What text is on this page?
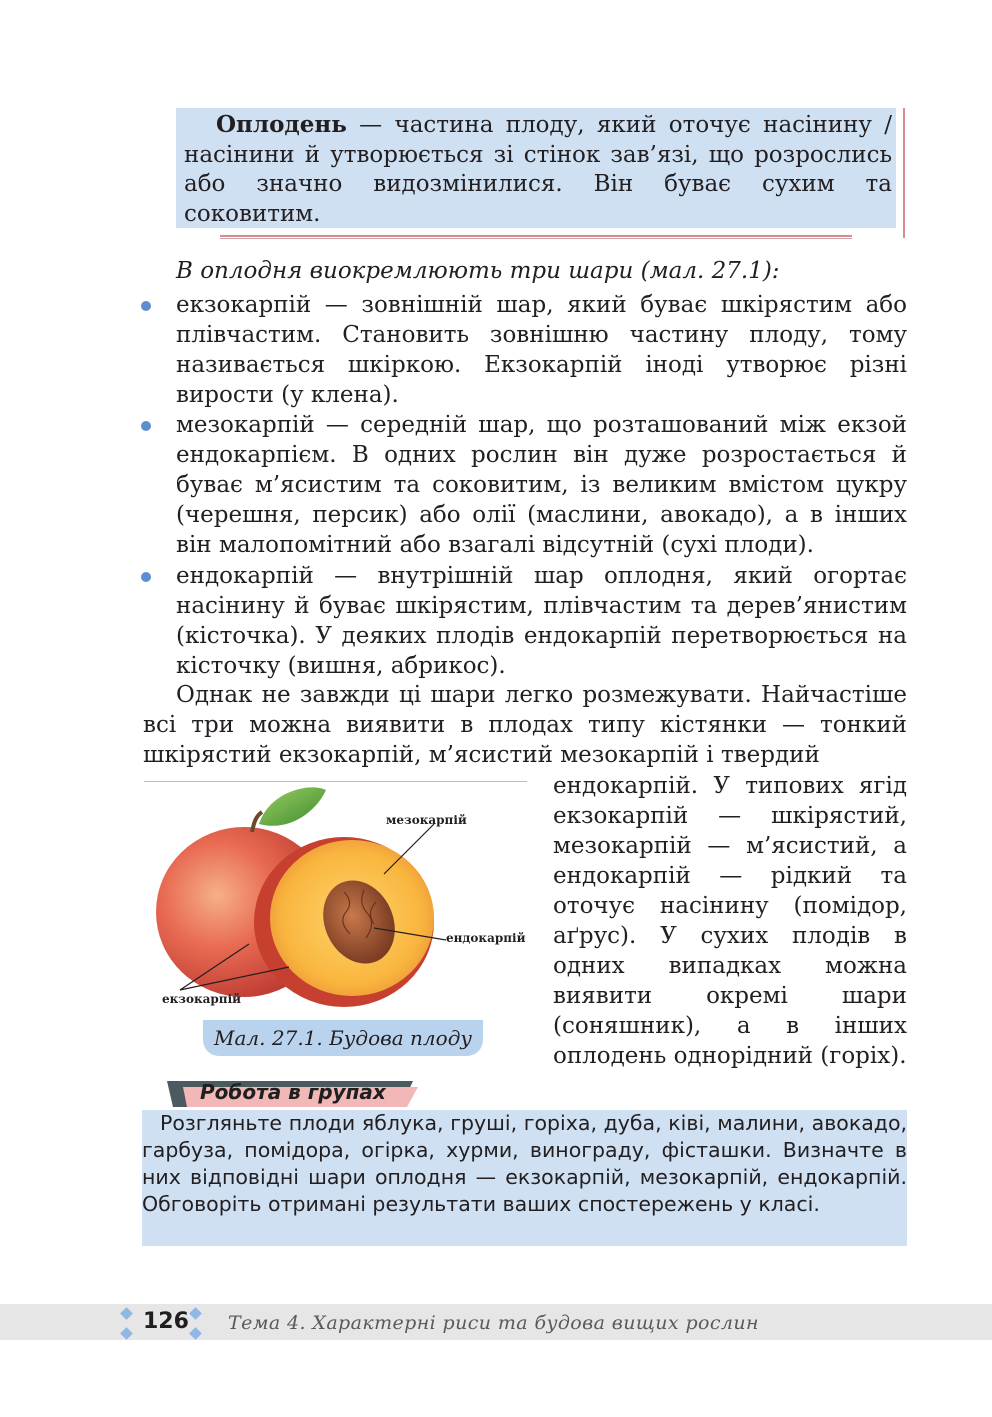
Оплодень — частина плоду, який оточує насінину / насінини й утворюється зі стінок зав’язі, що розрослись або значно видозмінилися. Він буває сухим та соковитим.
В оплодня виокремлюють три шари (мал. 27.1):
екзокарпій — зовнішній шар, який буває шкірястим або плівчастим. Становить зовнішню частину плоду, тому називається шкіркою. Екзокарпій іноді утворює різні вирости (у клена).
мезокарпій — середній шар, що розташований між екзой ендокарпієм. В одних рослин він дуже розростається й буває м’ясистим та соковитим, із великим вмістом цукру (черешня, персик) або олії (маслини, авокадо), а в інших він малопомітний або взагалі відсутній (сухі плоди).
ендокарпій — внутрішній шар оплодня, який огортає насінину й буває шкірястим, плівчастим та дерев’янистим (кісточка). У деяких плодів ендокарпій перетворюється на кісточку (вишня, абрикос).
Однак не завжди ці шари легко розмежувати. Найчастіше всі три можна виявити в плодах типу кістянки — тонкий шкірястий екзокарпій, м’ясистий мезокарпій і твердий
ендокарпій. У типових ягід екзокарпій — шкірястий, мезокарпій — м’ясистий, а ендокарпій — рідкий та оточує насінину (помідор, аґрус). У сухих плодів в одних випадках можна виявити окремі шари (соняшник), а в інших оплодень однорідний (горіх).
мезокарпій
ендокарпій
екзокарпій
Мал. 27.1. Будова плоду
Робота в групах
Розгляньте плоди яблука, груші, горіха, дуба, ківі, малини, авокадо, гарбуза, помідора, огірка, хурми, винограду, фісташки. Визначте в них відповідні шари оплодня — екзокарпій, мезокарпій, ендокарпій. Обговоріть отримані результати ваших спостережень у класі.
126 Тема 4. Характерні риси та будова вищих рослин
